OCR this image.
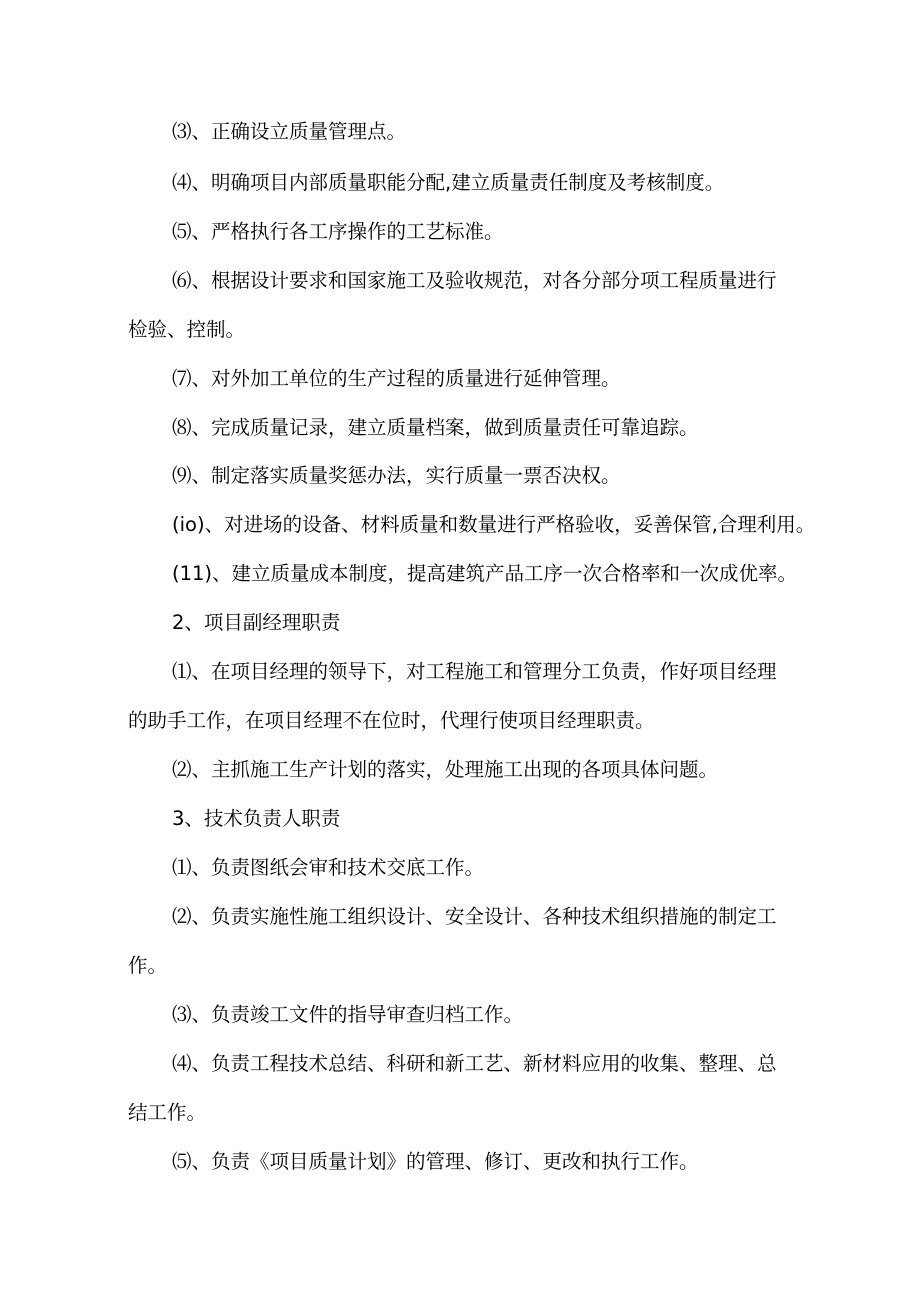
⑶、正确设立质量管理点。
⑷、明确项目内部质量职能分配,建立质量责任制度及考核制度。
⑸、严格执行各工序操作的工艺标准。
⑹、根据设计要求和国家施工及验收规范，对各分部分项工程质量进行
检验、控制。
⑺、对外加工单位的生产过程的质量进行延伸管理。
⑻、完成质量记录，建立质量档案，做到质量责任可靠追踪。
⑼、制定落实质量奖惩办法，实行质量一票否决权。
(io)、对进场的设备、材料质量和数量进行严格验收，妥善保管,合理利用。
(11)、建立质量成本制度，提高建筑产品工序一次合格率和一次成优率。
2、项目副经理职责
⑴、在项目经理的领导下，对工程施工和管理分工负责，作好项目经理
的助手工作，在项目经理不在位时，代理行使项目经理职责。
⑵、主抓施工生产计划的落实，处理施工出现的各项具体问题。
3、技术负责人职责
⑴、负责图纸会审和技术交底工作。
⑵、负责实施性施工组织设计、安全设计、各种技术组织措施的制定工
作。
⑶、负责竣工文件的指导审查归档工作。
⑷、负责工程技术总结、科研和新工艺、新材料应用的收集、整理、总
结工作。
⑸、负责《项目质量计划》的管理、修订、更改和执行工作。
